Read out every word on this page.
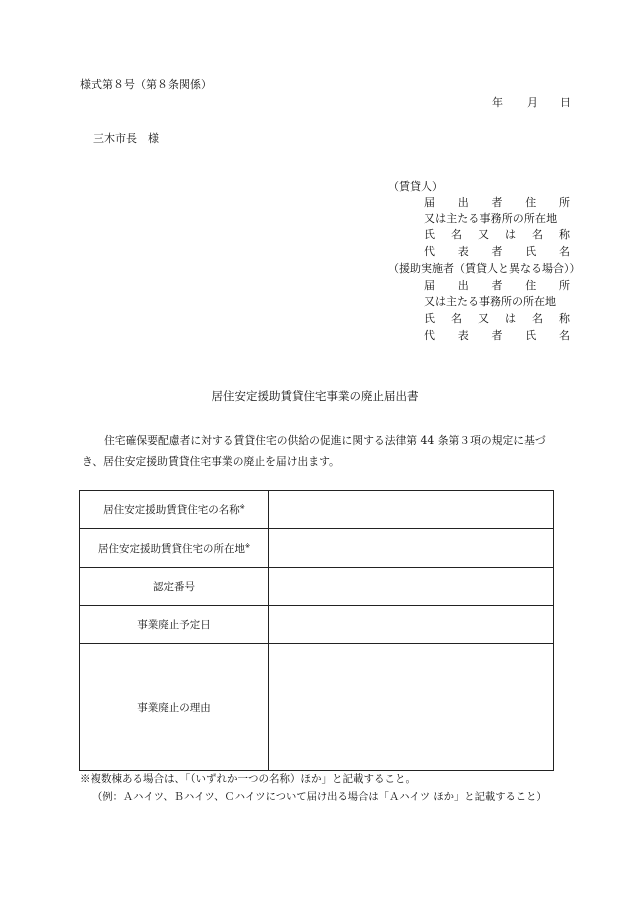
様式第８号（第８条関係）
年 月 日
三木市長　様
（賃貸人）
届 出 者 住 所
又は主たる事務所の所在地
氏 名 又 は 名 称
代 表 者 氏 名
（援助実施者（賃貸人と異なる場合））
届 出 者 住 所
又は主たる事務所の所在地
氏 名 又 は 名 称
代 表 者 氏 名
居住安定援助賃貸住宅事業の廃止届出書
住宅確保要配慮者に対する賃貸住宅の供給の促進に関する法律第 44 条第３項の規定に基づ
き、居住安定援助賃貸住宅事業の廃止を届け出ます。
居住安定援助賃貸住宅の名称※	
居住安定援助賃貸住宅の所在地※	
認定番号	
事業廃止予定日	
事業廃止の理由	
※複数棟ある場合は、「（いずれか一つの名称）ほか」と記載すること。
（例：Ａハイツ、Ｂハイツ、Ｃハイツについて届け出る場合は「Ａハイツ ほか」と記載すること）
